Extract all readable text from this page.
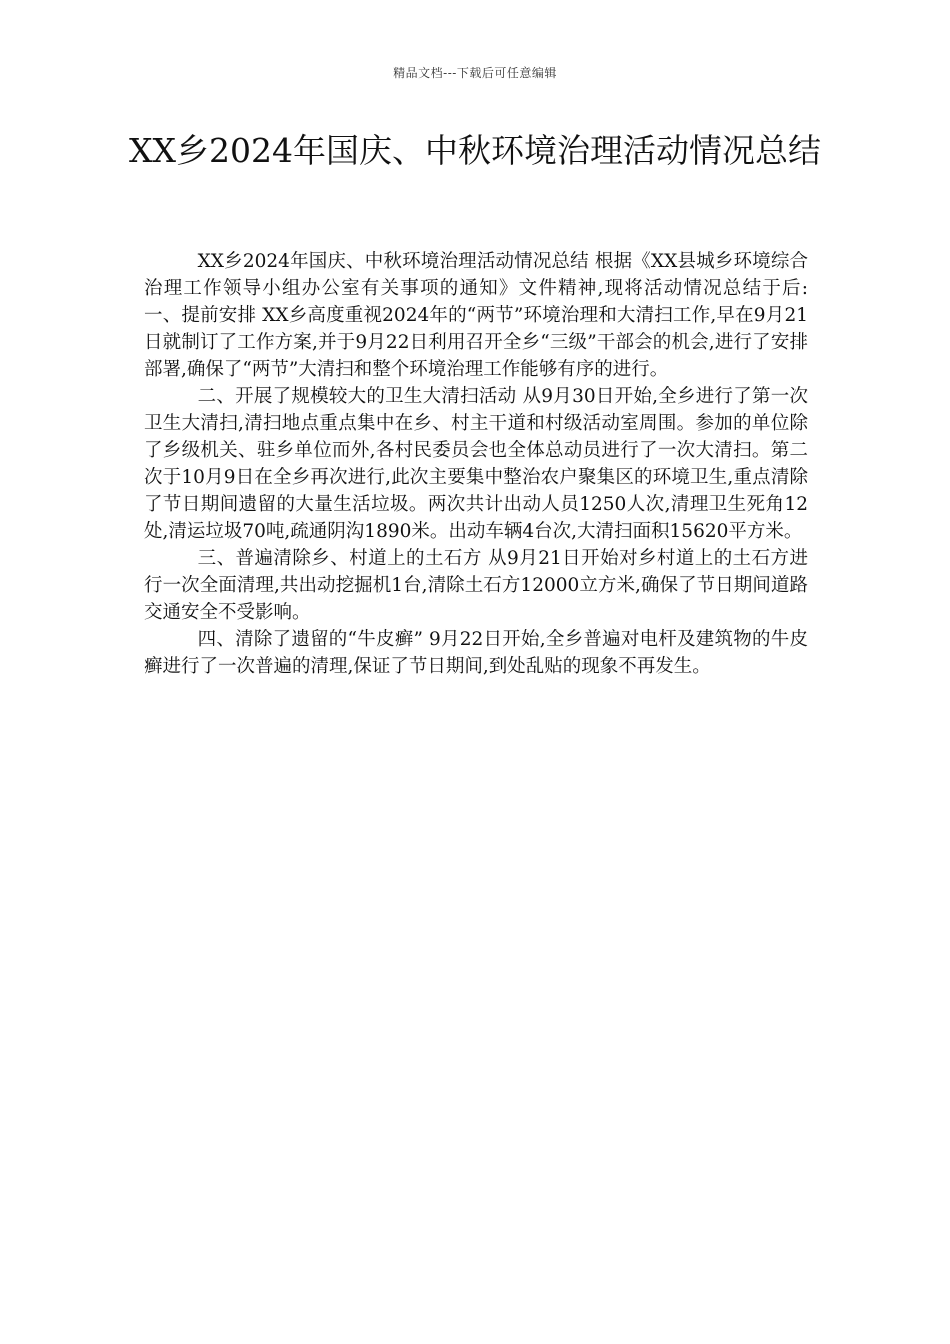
精品文档---下载后可任意编辑
XX乡2024年国庆、中秋环境治理活动情况总结

XX乡2024年国庆、中秋环境治理活动情况总结 根据《XX县城乡环境综合治理工作领导小组办公室有关事项的通知》文件精神,现将活动情况总结于后: 一、提前安排 XX乡高度重视2024年的“两节”环境治理和大清扫工作,早在9月21日就制订了工作方案,并于9月22日利用召开全乡“三级”干部会的机会,进行了安排部署,确保了“两节”大清扫和整个环境治理工作能够有序的进行。

二、开展了规模较大的卫生大清扫活动 从9月30日开始,全乡进行了第一次卫生大清扫,清扫地点重点集中在乡、村主干道和村级活动室周围。参加的单位除了乡级机关、驻乡单位而外,各村民委员会也全体总动员进行了一次大清扫。第二次于10月9日在全乡再次进行,此次主要集中整治农户聚集区的环境卫生,重点清除了节日期间遗留的大量生活垃圾。两次共计出动人员1250人次,清理卫生死角12处,清运垃圾70吨,疏通阴沟1890米。出动车辆4台次,大清扫面积15620平方米。

三、普遍清除乡、村道上的土石方 从9月21日开始对乡村道上的土石方进行一次全面清理,共出动挖掘机1台,清除土石方12000立方米,确保了节日期间道路交通安全不受影响。

四、清除了遗留的“牛皮癣” 9月22日开始,全乡普遍对电杆及建筑物的牛皮癣进行了一次普遍的清理,保证了节日期间,到处乱贴的现象不再发生。
